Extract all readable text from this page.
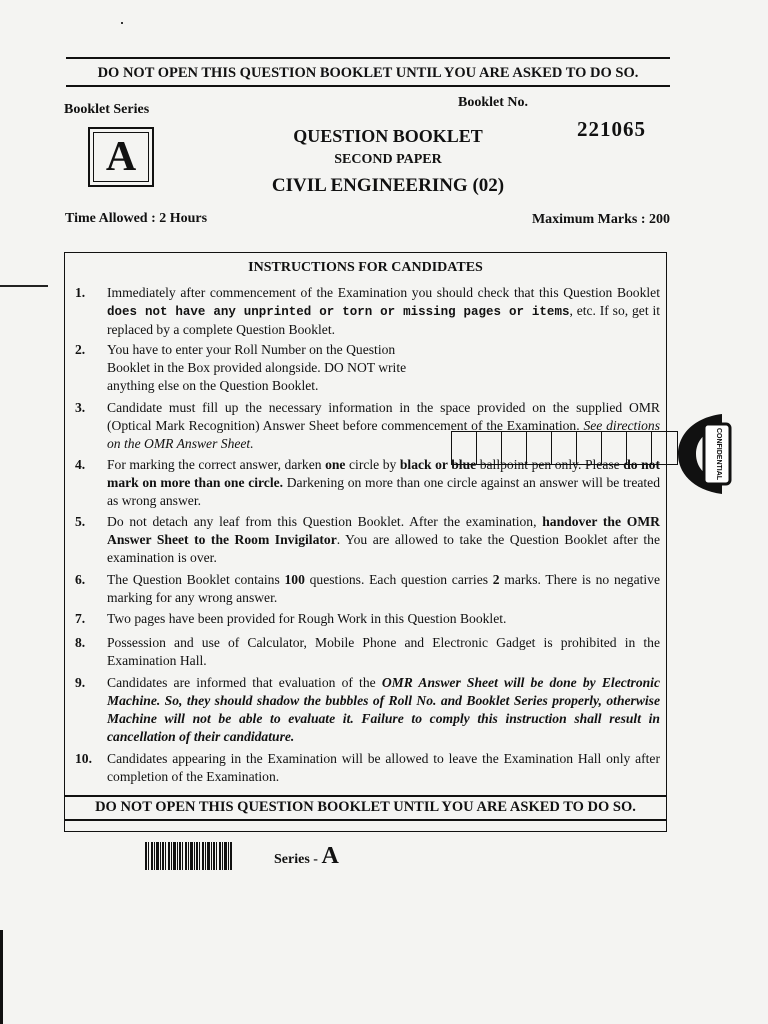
DO NOT OPEN THIS QUESTION BOOKLET UNTIL YOU ARE ASKED TO DO SO.
Booklet Series
A
Booklet No.
221065
QUESTION BOOKLET
SECOND PAPER
CIVIL ENGINEERING (02)
Time Allowed : 2 Hours	Maximum Marks : 200
INSTRUCTIONS FOR CANDIDATES
1.	Immediately after commencement of the Examination you should check that this Question Booklet does not have any unprinted or torn or missing pages or items, etc. If so, get it replaced by a complete Question Booklet.
2.	You have to enter your Roll Number on the Question Booklet in the Box provided alongside. DO NOT write anything else on the Question Booklet.
3.	Candidate must fill up the necessary information in the space provided on the supplied OMR (Optical Mark Recognition) Answer Sheet before commencement of the Examination. See directions on the OMR Answer Sheet.
4.	For marking the correct answer, darken one circle by black or blue ballpoint pen only. Please do not mark on more than one circle. Darkening on more than one circle against an answer will be treated as wrong answer.
5.	Do not detach any leaf from this Question Booklet. After the examination, handover the OMR Answer Sheet to the Room Invigilator. You are allowed to take the Question Booklet after the examination is over.
6.	The Question Booklet contains 100 questions. Each question carries 2 marks. There is no negative marking for any wrong answer.
7.	Two pages have been provided for Rough Work in this Question Booklet.
8.	Possession and use of Calculator, Mobile Phone and Electronic Gadget is prohibited in the Examination Hall.
9.	Candidates are informed that evaluation of the OMR Answer Sheet will be done by Electronic Machine. So, they should shadow the bubbles of Roll No. and Booklet Series properly, otherwise Machine will not be able to evaluate it. Failure to comply this instruction shall result in cancellation of their candidature.
10.	Candidates appearing in the Examination will be allowed to leave the Examination Hall only after completion of the Examination.
DO NOT OPEN THIS QUESTION BOOKLET UNTIL YOU ARE ASKED TO DO SO.
Series - A
CONFIDENTIAL
